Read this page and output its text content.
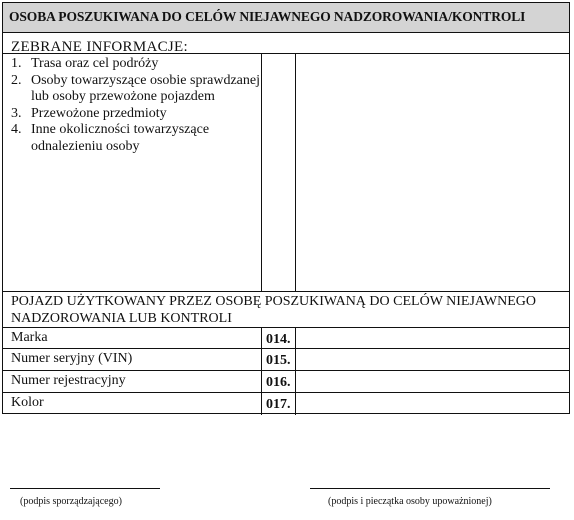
OSOBA POSZUKIWANA DO CELÓW NIEJAWNEGO NADZOROWANIA/KONTROLI
ZEBRANE INFORMACJE:
1. Trasa oraz cel podróży
2. Osoby towarzyszące osobie sprawdzanej lub osoby przewożone pojazdem
3. Przewożone przedmioty
4. Inne okoliczności towarzyszące odnalezieniu osoby
POJAZD UŻYTKOWANY PRZEZ OSOBĘ POSZUKIWANĄ DO CELÓW NIEJAWNEGO NADZOROWANIA LUB KONTROLI
Marka	014.
Numer seryjny (VIN)	015.
Numer rejestracyjny	016.
Kolor	017.
(podpis sporządzającego)	(podpis i pieczątka osoby upoważnionej)
